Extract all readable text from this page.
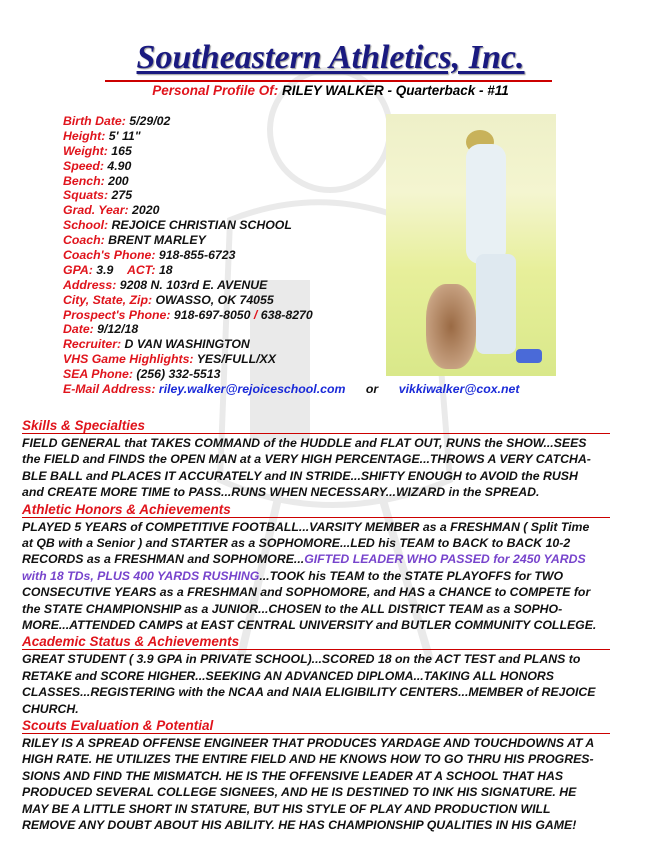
Southeastern Athletics, Inc.
Personal Profile Of: RILEY WALKER - Quarterback - #11
Birth Date: 5/29/02
Height: 5' 11"
Weight: 165
Speed: 4.90
Bench: 200
Squats: 275
Grad. Year: 2020
School: REJOICE CHRISTIAN SCHOOL
Coach: BRENT MARLEY
Coach's Phone: 918-855-6723
GPA: 3.9 ACT: 18
Address: 9208 N. 103rd E. AVENUE
City, State, Zip: OWASSO, OK 74055
Prospect's Phone: 918-697-8050 / 638-8270
Date: 9/12/18
Recruiter: D VAN WASHINGTON
VHS Game Highlights: YES/FULL/XX
SEA Phone: (256) 332-5513
E-Mail Address: riley.walker@rejoiceschool.com or vikkiwalker@cox.net
Skills & Specialties
FIELD GENERAL that TAKES COMMAND of the HUDDLE and FLAT OUT, RUNS the SHOW...SEES
the FIELD and FINDS the OPEN MAN at a VERY HIGH PERCENTAGE...THROWS A VERY CATCHA-
BLE BALL and PLACES IT ACCURATELY and IN STRIDE...SHIFTY ENOUGH to AVOID the RUSH
and CREATE MORE TIME to PASS...RUNS WHEN NECESSARY...WIZARD in the SPREAD.
Athletic Honors & Achievements
PLAYED 5 YEARS of COMPETITIVE FOOTBALL...VARSITY MEMBER as a FRESHMAN ( Split Time
at QB with a Senior ) and STARTER as a SOPHOMORE...LED his TEAM to BACK to BACK 10-2
RECORDS as a FRESHMAN and SOPHOMORE...GIFTED LEADER WHO PASSED for 2450 YARDS
with 18 TDs, PLUS 400 YARDS RUSHING...TOOK his TEAM to the STATE PLAYOFFS for TWO
CONSECUTIVE YEARS as a FRESHMAN and SOPHOMORE, and HAS a CHANCE to COMPETE for
the STATE CHAMPIONSHIP as a JUNIOR...CHOSEN to the ALL DISTRICT TEAM as a SOPHO-
MORE...ATTENDED CAMPS at EAST CENTRAL UNIVERSITY and BUTLER COMMUNITY COLLEGE.
Academic Status & Achievements
GREAT STUDENT ( 3.9 GPA in PRIVATE SCHOOL)...SCORED 18 on the ACT TEST and PLANS to
RETAKE and SCORE HIGHER...SEEKING AN ADVANCED DIPLOMA...TAKING ALL HONORS
CLASSES...REGISTERING with the NCAA and NAIA ELIGIBILITY CENTERS...MEMBER of REJOICE
CHURCH.
Scouts Evaluation & Potential
RILEY IS A SPREAD OFFENSE ENGINEER THAT PRODUCES YARDAGE AND TOUCHDOWNS AT A
HIGH RATE. HE UTILIZES THE ENTIRE FIELD AND HE KNOWS HOW TO GO THRU HIS PROGRES-
SIONS AND FIND THE MISMATCH. HE IS THE OFFENSIVE LEADER AT A SCHOOL THAT HAS
PRODUCED SEVERAL COLLEGE SIGNEES, AND HE IS DESTINED TO INK HIS SIGNATURE. HE
MAY BE A LITTLE SHORT IN STATURE, BUT HIS STYLE OF PLAY AND PRODUCTION WILL
REMOVE ANY DOUBT ABOUT HIS ABILITY. HE HAS CHAMPIONSHIP QUALITIES IN HIS GAME!
